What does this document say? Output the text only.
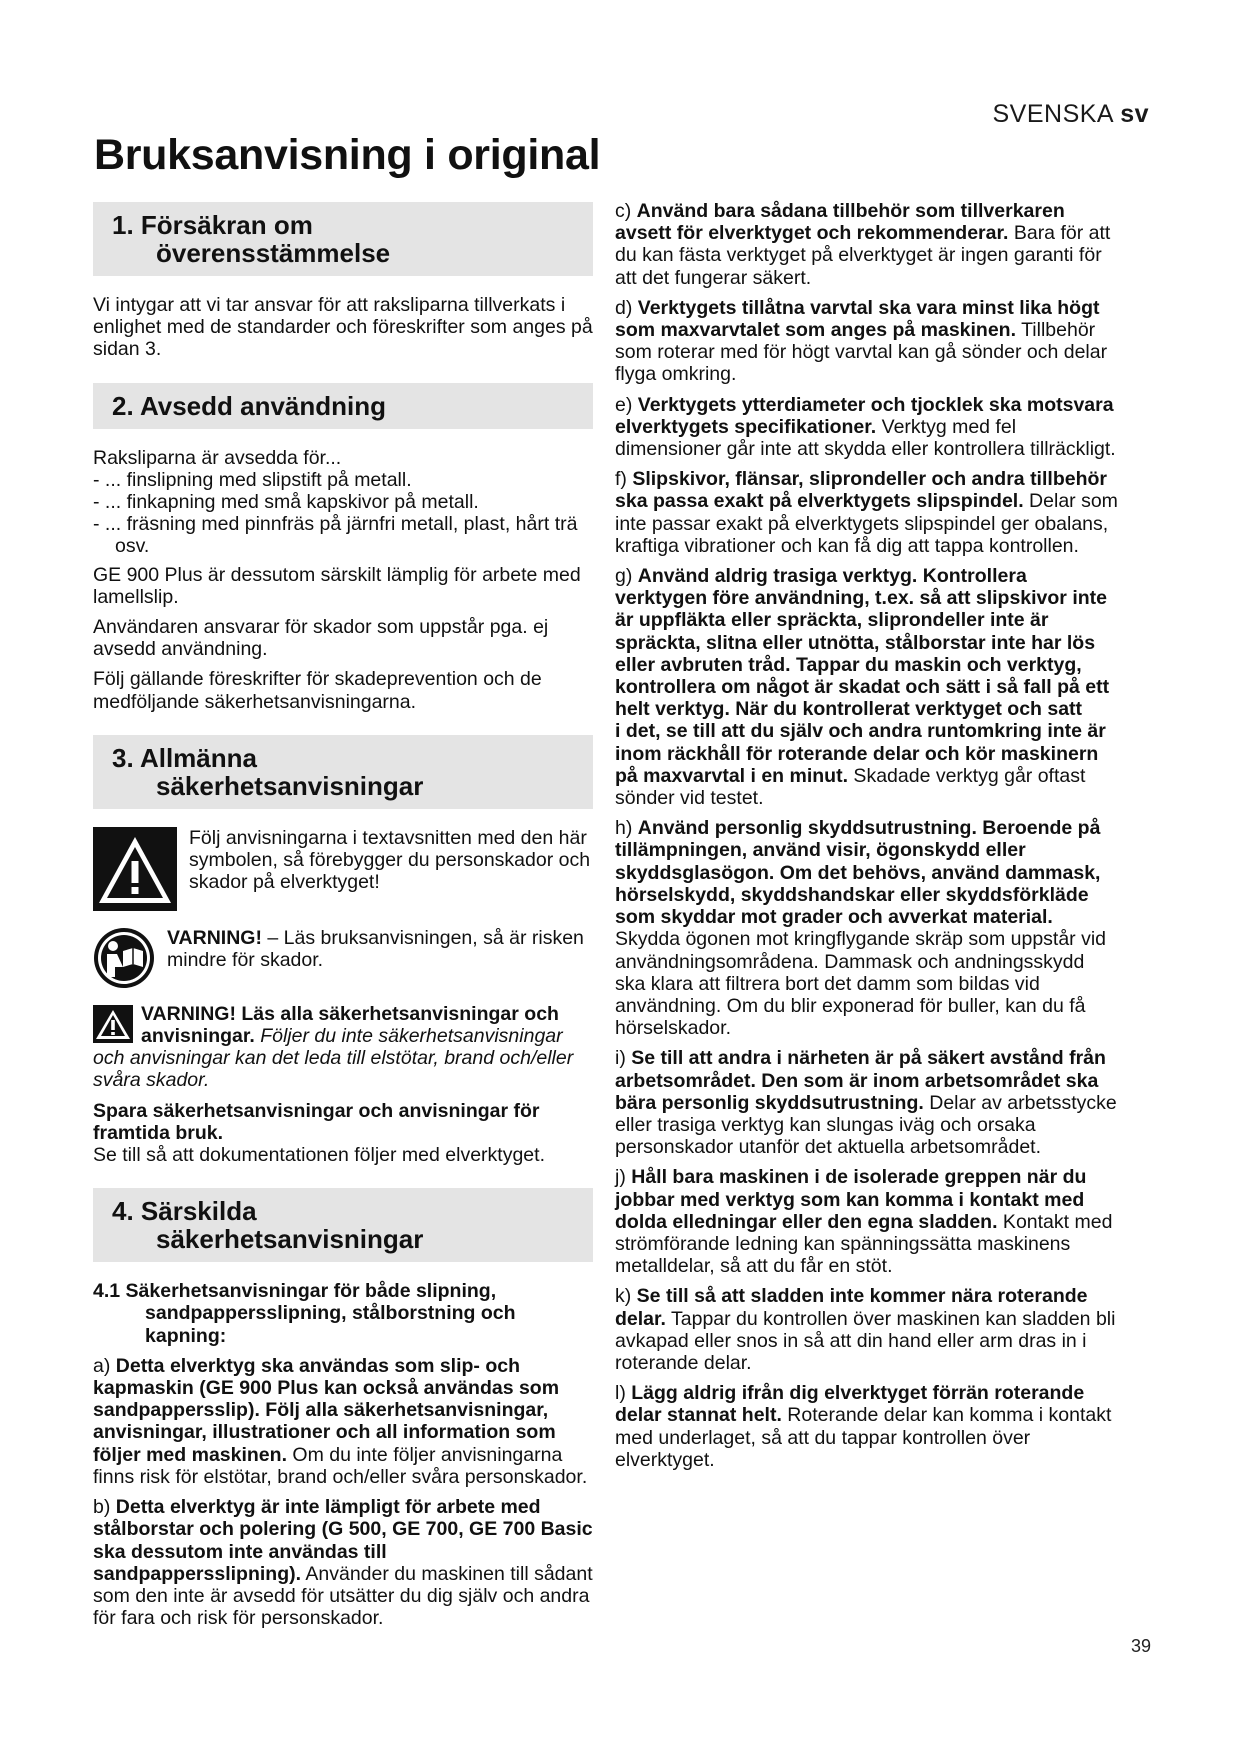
SVENSKA sv
Bruksanvisning i original
1. Försäkran om
överensstämmelse

Vi intygar att vi tar ansvar för att raksliparna tillverkats i enlighet med de standarder och föreskrifter som anges på sidan 3.

2. Avsedd användning

Raksliparna är avsedda för...

- ... finslipning med slipstift på metall.
- ... finkapning med små kapskivor på metall.
- ... fräsning med pinnfräs på järnfri metall, plast, hårt trä osv.

GE 900 Plus är dessutom särskilt lämplig för arbete med lamellslip.

Användaren ansvarar för skador som uppstår pga. ej avsedd användning.

Följ gällande föreskrifter för skadeprevention och de medföljande säkerhetsanvisningarna.

3. Allmänna
säkerhetsanvisningar
Följ anvisningarna i textavsnitten med den här symbolen, så förebygger du personskador och skador på elverktyget!
VARNING! – Läs bruksanvisningen, så är risken mindre för skador.

VARNING! Läs alla säkerhetsanvisningar och anvisningar. Följer du inte säkerhetsanvisningar och anvisningar kan det leda till elstötar, brand och/eller svåra skador.

Spara säkerhetsanvisningar och anvisningar för framtida bruk.

Se till så att dokumentationen följer med elverktyget.

4. Särskilda
säkerhetsanvisningar
4.1 Säkerhetsanvisningar för både slipning,
sandpappersslipning, stålborstning och kapning:

a) Detta elverktyg ska användas som slip- och kapmaskin (GE 900 Plus kan också användas som sandpappersslip). Följ alla säkerhetsanvisningar, anvisningar, illustrationer och all information som följer med maskinen. Om du inte följer anvisningarna finns risk för elstötar, brand och/eller svåra personskador.

b) Detta elverktyg är inte lämpligt för arbete med stålborstar och polering (G 500, GE 700, GE 700 Basic ska dessutom inte användas till sandpappersslipning). Använder du maskinen till sådant som den inte är avsedd för utsätter du dig själv och andra för fara och risk för personskador.

c) Använd bara sådana tillbehör som tillverkaren avsett för elverktyget och rekommenderar. Bara för att du kan fästa verktyget på elverktyget är ingen garanti för att det fungerar säkert.

d) Verktygets tillåtna varvtal ska vara minst lika högt som maxvarvtalet som anges på maskinen. Tillbehör som roterar med för högt varvtal kan gå sönder och delar flyga omkring.

e) Verktygets ytterdiameter och tjocklek ska motsvara elverktygets specifikationer. Verktyg med fel dimensioner går inte att skydda eller kontrollera tillräckligt.

f) Slipskivor, flänsar, sliprondeller och andra tillbehör ska passa exakt på elverktygets slipspindel. Delar som inte passar exakt på elverktygets slipspindel ger obalans, kraftiga vibrationer och kan få dig att tappa kontrollen.

g) Använd aldrig trasiga verktyg. Kontrollera verktygen före användning, t.ex. så att slipskivor inte är uppfläkta eller spräckta, sliprondeller inte är spräckta, slitna eller utnötta, stålborstar inte har lös eller avbruten tråd. Tappar du maskin och verktyg, kontrollera om något är skadat och sätt i så fall på ett helt verktyg. När du kontrollerat verktyget och satt
i det, se till att du själv och andra runtomkring inte är inom räckhåll för roterande delar och kör maskinern på maxvarvtal i en minut. Skadade verktyg går oftast sönder vid testet.

h) Använd personlig skyddsutrustning. Beroende på tillämpningen, använd visir, ögonskydd eller skyddsglasögon. Om det behövs, använd dammask, hörselskydd, skyddshandskar eller skyddsförkläde som skyddar mot grader och avverkat material. Skydda ögonen mot kringflygande skräp som uppstår vid användningsområdena. Dammask och andningsskydd ska klara att filtrera bort det damm som bildas vid användning. Om du blir exponerad för buller, kan du få hörselskador.

i) Se till att andra i närheten är på säkert avstånd från arbetsområdet. Den som är inom arbetsområdet ska bära personlig skyddsutrustning. Delar av arbetsstycke eller trasiga verktyg kan slungas iväg och orsaka personskador utanför det aktuella arbetsområdet.

j) Håll bara maskinen i de isolerade greppen när du jobbar med verktyg som kan komma i kontakt med dolda elledningar eller den egna sladden. Kontakt med strömförande ledning kan spänningssätta maskinens metalldelar, så att du får en stöt.

k) Se till så att sladden inte kommer nära roterande delar. Tappar du kontrollen över maskinen kan sladden bli avkapad eller snos in så att din hand eller arm dras in i roterande delar.

l) Lägg aldrig ifrån dig elverktyget förrän roterande delar stannat helt. Roterande delar kan komma i kontakt med underlaget, så att du tappar kontrollen över elverktyget.

39
